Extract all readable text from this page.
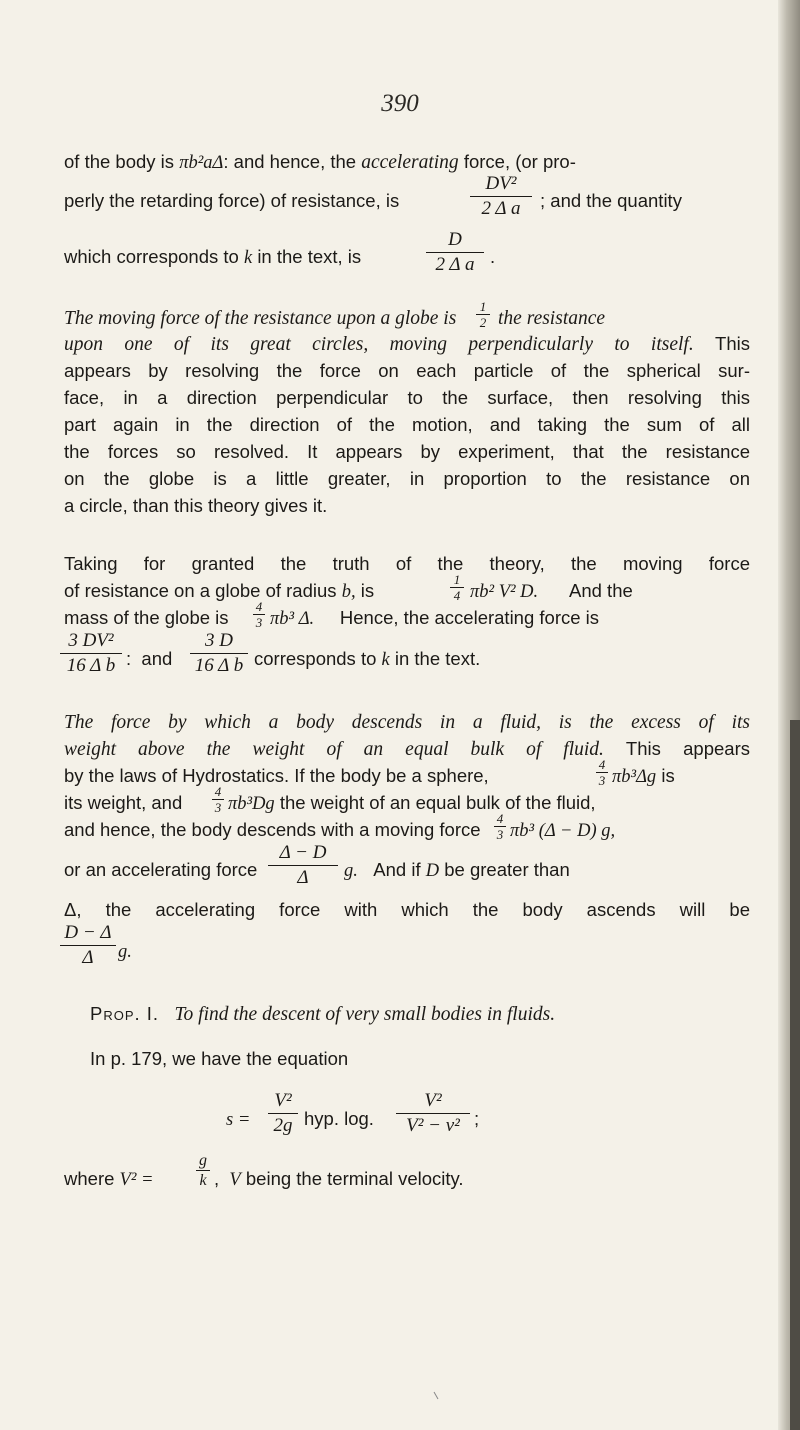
390
of the body is πb²aΔ: and hence, the accelerating force, (or pro-
perly the retarding force) of resistance, is
DV²
2 Δ a	; and the quantity
which corresponds to k in the text, is
D
2 Δ a .
The moving force of the resistance upon a globe is
1
2 the resistance
upon one of its great circles, moving perpendicularly to itself. This
appears by resolving the force on each particle of the spherical sur-
face, in a direction perpendicular to the surface, then resolving this
part again in the direction of the motion, and taking the sum of all
the forces so resolved. It appears by experiment, that the resistance
on the globe is a little greater, in proportion to the resistance on
a circle, than this theory gives it.
Taking for granted the truth of the theory, the moving force
of resistance on a globe of radius b, is
1
4 πb² V² D. And the
mass of the globe is
4
3 πb³ Δ. Hence, the accelerating force is
3 DV²
16 Δ b : and
3 D
16 Δ b corresponds to k in the text.
The force by which a body descends in a fluid, is the excess of its
weight above the weight of an equal bulk of fluid. This appears
by the laws of Hydrostatics. If the body be a sphere,
4
3 πb³Δg is
its weight, and
4
3 πb³Dg the weight of an equal bulk of the fluid,
and hence, the body descends with a moving force
4
3 πb³ (Δ − D) g,
or an accelerating force
Δ − D
Δ	g. And if D be greater than
Δ, the accelerating force with which the body ascends will be
D − Δ
Δ	g.
Prop. I. To find the descent of very small bodies in fluids.
In p. 179, we have the equation
s =
V²
2g hyp. log.
V²
V² − v² ;
where V² =
g
k , V being the terminal velocity.
